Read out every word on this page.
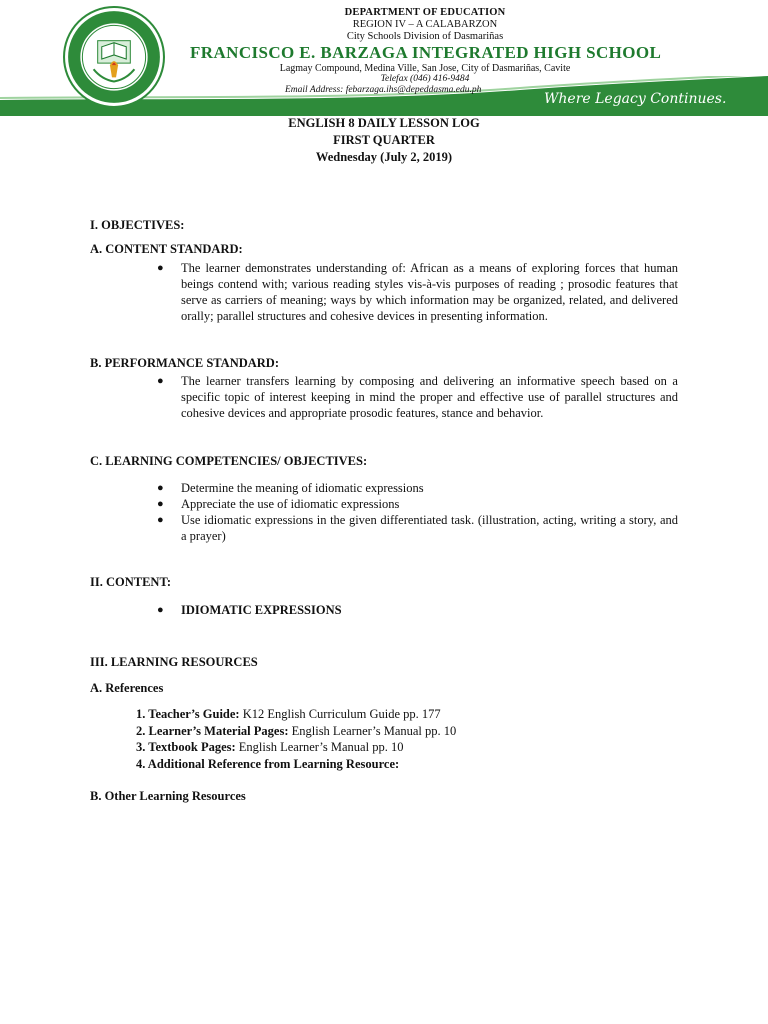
Where Legacy Continues.
DEPARTMENT OF EDUCATION
REGION IV – A CALABARZON
City Schools Division of Dasmariñas
FRANCISCO E. BARZAGA INTEGRATED HIGH SCHOOL
Lagmay Compound, Medina Ville, San Jose, City of Dasmariñas, Cavite
Telefax (046) 416-9484
Email Address: febarzaga.ihs@depeddasma.edu.ph
ENGLISH 8 DAILY LESSON LOG
FIRST QUARTER
Wednesday (July 2, 2019)
I. OBJECTIVES:
A. CONTENT STANDARD:
●	The learner demonstrates understanding of: African as a means of exploring forces that human beings contend with; various reading styles vis-à-vis purposes of reading ; prosodic features that serve as carriers of meaning; ways by which information may be organized, related, and delivered orally; parallel structures and cohesive devices in presenting information.
B. PERFORMANCE STANDARD:
●	The learner transfers learning by composing and delivering an informative speech based on a specific topic of interest keeping in mind the proper and effective use of parallel structures and cohesive devices and appropriate prosodic features, stance and behavior.
C. LEARNING COMPETENCIES/ OBJECTIVES:
●	Determine the meaning of idiomatic expressions
●	Appreciate the use of idiomatic expressions
●	Use idiomatic expressions in the given differentiated task. (illustration, acting, writing a story, and a prayer)
II. CONTENT:
●	IDIOMATIC EXPRESSIONS
III. LEARNING RESOURCES
A. References
1. Teacher’s Guide: K12 English Curriculum Guide pp. 177
2. Learner’s Material Pages: English Learner’s Manual pp. 10
3. Textbook Pages: English Learner’s Manual pp. 10
4. Additional Reference from Learning Resource:
B. Other Learning Resources
